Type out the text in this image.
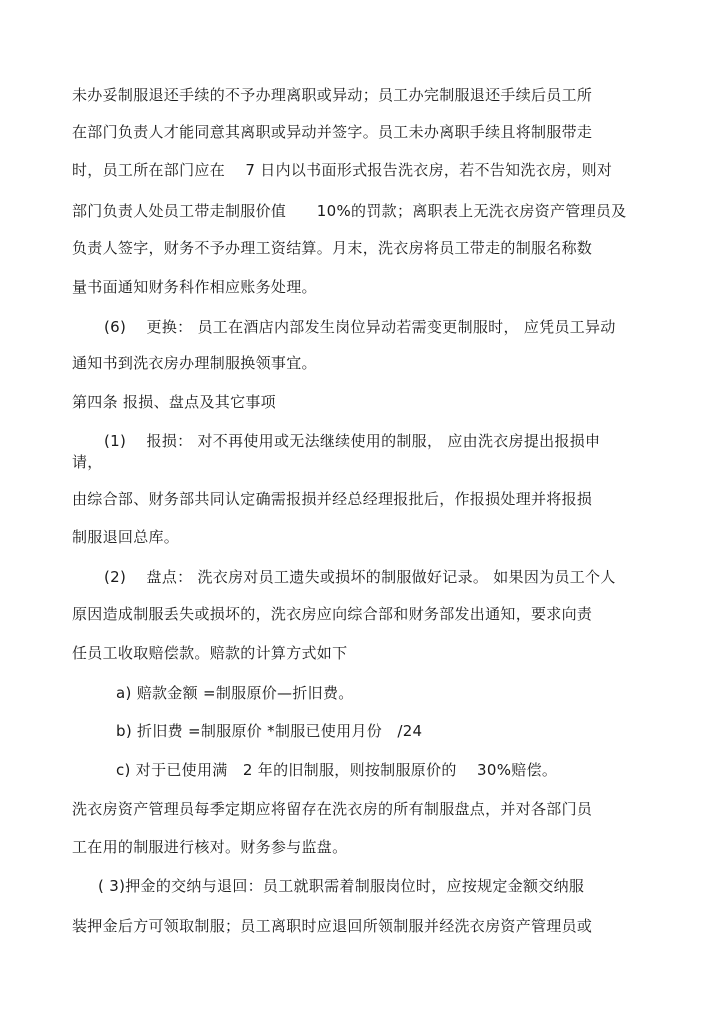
未办妥制服退还手续的不予办理离职或异动；员工办完制服退还手续后员工所
在部门负责人才能同意其离职或异动并签字。员工未办离职手续且将制服带走
时，员工所在部门应在　 7 日内以书面形式报告洗衣房，若不告知洗衣房，则对
部门负责人处员工带走制服价值　　10%的罚款；离职表上无洗衣房资产管理员及
负责人签字，财务不予办理工资结算。月末，洗衣房将员工带走的制服名称数
量书面通知财务科作相应账务处理。
(6)　 更换： 员工在酒店内部发生岗位异动若需变更制服时， 应凭员工异动
通知书到洗衣房办理制服换领事宜。
第四条 报损、盘点及其它事项
(1)　 报损： 对不再使用或无法继续使用的制服， 应由洗衣房提出报损申
请，
由综合部、财务部共同认定确需报损并经总经理报批后，作报损处理并将报损
制服退回总库。
(2)　 盘点： 洗衣房对员工遗失或损坏的制服做好记录。 如果因为员工个人
原因造成制服丢失或损坏的，洗衣房应向综合部和财务部发出通知，要求向责
任员工收取赔偿款。赔款的计算方式如下
a) 赔款金额 =制服原价—折旧费。
b) 折旧费 =制服原价 *制服已使用月份　/24
c) 对于已使用满　2 年的旧制服，则按制服原价的　 30%赔偿。
洗衣房资产管理员每季定期应将留存在洗衣房的所有制服盘点，并对各部门员
工在用的制服进行核对。财务参与监盘。
( 3)押金的交纳与退回：员工就职需着制服岗位时，应按规定金额交纳服
装押金后方可领取制服；员工离职时应退回所领制服并经洗衣房资产管理员或
